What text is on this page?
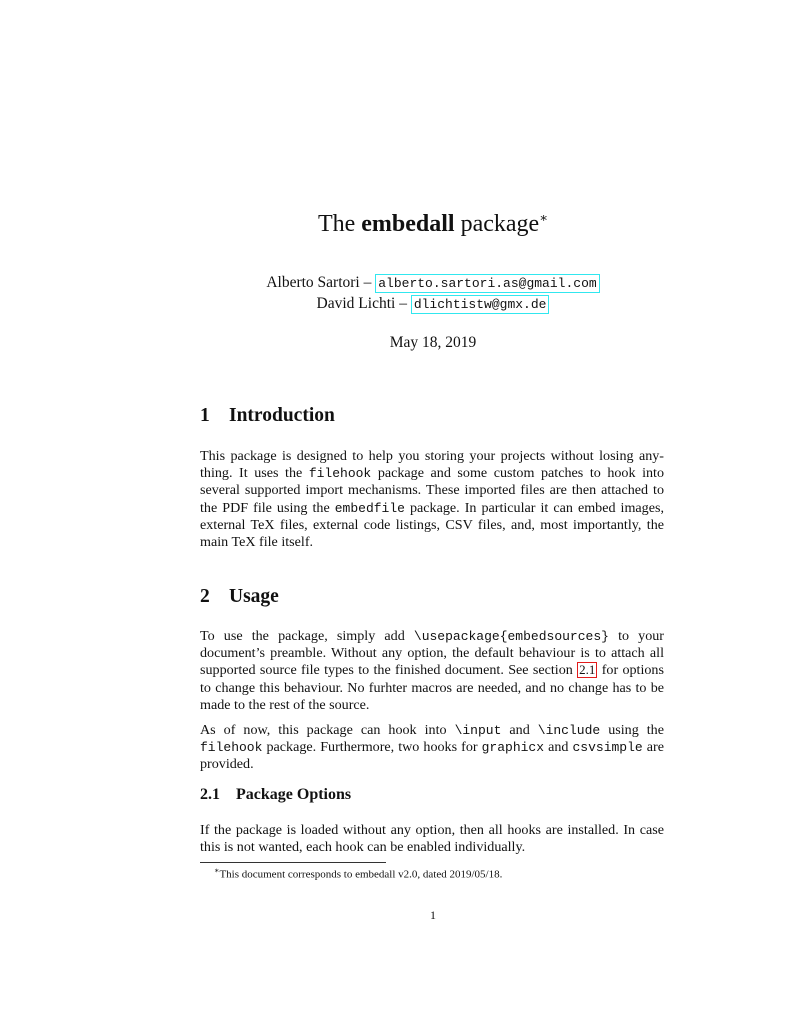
The embedall package∗
Alberto Sartori – alberto.sartori.as@gmail.com
David Lichti – dlichtistw@gmx.de
May 18, 2019
1 Introduction

This package is designed to help you storing your projects without losing any-thing. It uses the filehook package and some custom patches to hook into several supported import mechanisms. These imported files are then attached to the PDF file using the embedfile package. In particular it can embed images, external TeX files, external code listings, CSV files, and, most importantly, the main TeX file itself.

2 Usage

To use the package, simply add \usepackage{embedsources} to your document’s preamble. Without any option, the default behaviour is to attach all supported source file types to the finished document. See section 2.1 for options to change this behaviour. No furhter macros are needed, and no change has to be made to the rest of the source.

As of now, this package can hook into \input and \include using the filehook package. Furthermore, two hooks for graphicx and csvsimple are provided.

2.1 Package Options

If the package is loaded without any option, then all hooks are installed. In case this is not wanted, each hook can be enabled individually.

∗This document corresponds to embedall v2.0, dated 2019/05/18.
1
